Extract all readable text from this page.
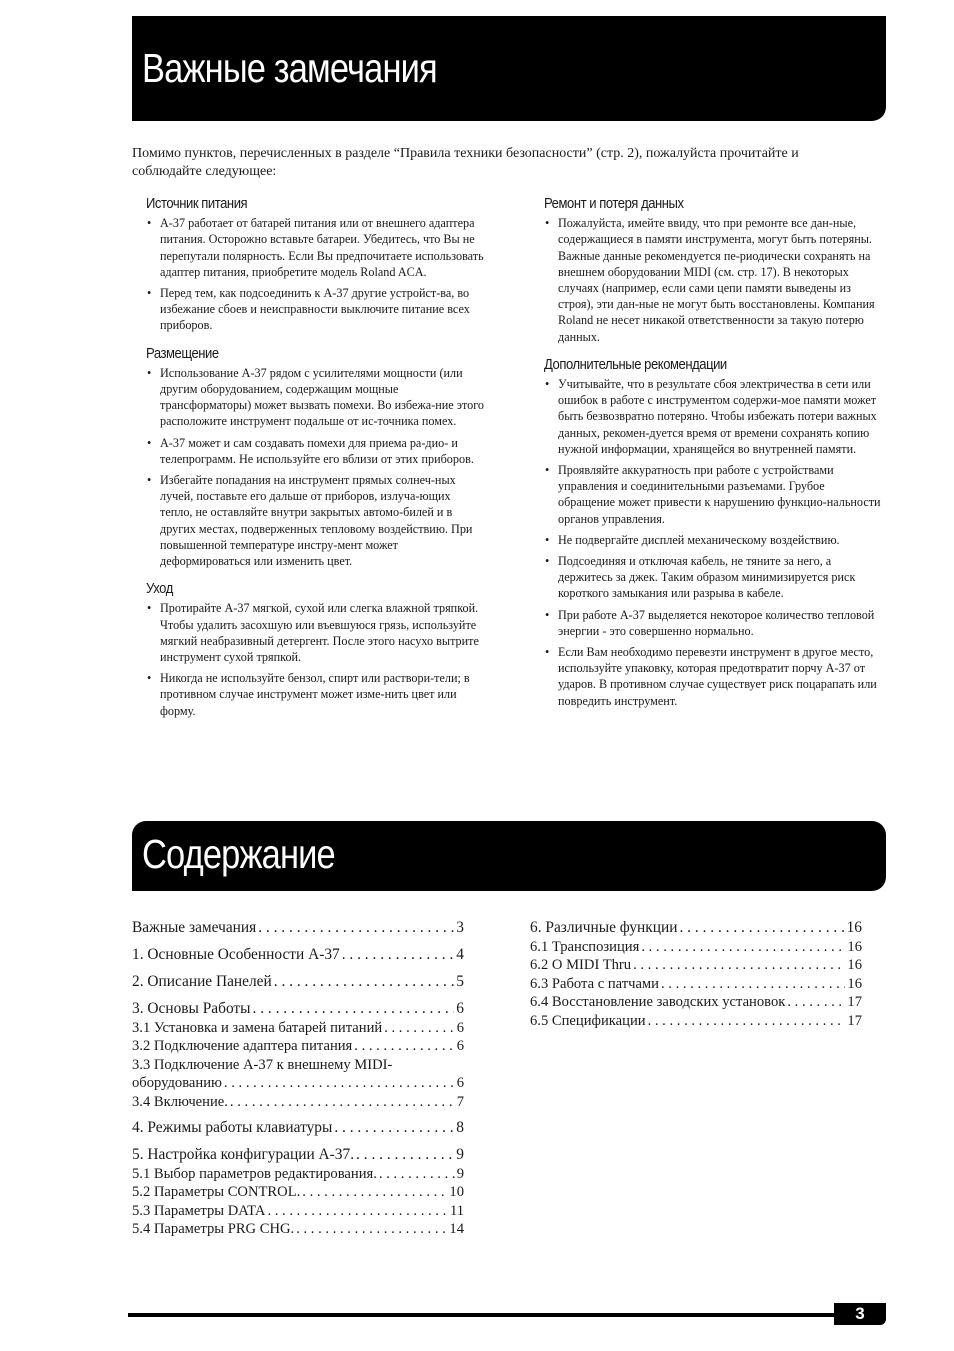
Важные замечания
Помимо пунктов, перечисленных в разделе “Правила техники безопасности” (стр. 2), пожалуйста прочитайте и соблюдайте следующее:
Источник питания
• A-37 работает от батарей питания или от внешнего адаптера питания. Осторожно вставьте батареи. Убедитесь, что Вы не перепутали полярность. Если Вы предпочитаете использовать адаптер питания, приобретите модель Roland ACA.
• Перед тем, как подсоединить к A-37 другие устройст-ва, во избежание сбоев и неисправности выключите питание всех приборов.
Размещение
• Использование A-37 рядом с усилителями мощности (или другим оборудованием, содержащим мощные трансформаторы) может вызвать помехи. Во избежа-ние этого расположите инструмент подальше от ис-точника помех.
• A-37 может и сам создавать помехи для приема ра-дио- и телепрограмм. Не используйте его вблизи от этих приборов.
• Избегайте попадания на инструмент прямых солнеч-ных лучей, поставьте его дальше от приборов, излуча-ющих тепло, не оставляйте внутри закрытых автомо-билей и в других местах, подверженных тепловому воздействию. При повышенной температуре инстру-мент может деформироваться или изменить цвет.
Уход
• Протирайте A-37 мягкой, сухой или слегка влажной тряпкой. Чтобы удалить засохшую или въевшуюся грязь, используйте мягкий неабразивный детергент. После этого насухо вытрите инструмент сухой тряпкой.
• Никогда не используйте бензол, спирт или раствори-тели; в противном случае инструмент может изме-нить цвет или форму.
Ремонт и потеря данных
• Пожалуйста, имейте ввиду, что при ремонте все дан-ные, содержащиеся в памяти инструмента, могут быть потеряны. Важные данные рекомендуется пе-риодически сохранять на внешнем оборудовании MIDI (см. стр. 17). В некоторых случаях (например, если сами цепи памяти выведены из строя), эти дан-ные не могут быть восстановлены. Компания Roland не несет никакой ответственности за такую потерю данных.
Дополнительные рекомендации
• Учитывайте, что в результате сбоя электричества в сети или ошибок в работе с инструментом содержи-мое памяти может быть безвозвратно потеряно. Чтобы избежать потери важных данных, рекомен-дуется время от времени сохранять копию нужной информации, хранящейся во внутренней памяти.
• Проявляйте аккуратность при работе с устройствами управления и соединительными разъемами. Грубое обращение может привести к нарушению функцио-нальности органов управления.
• Не подвергайте дисплей механическому воздействию.
• Подсоединяя и отключая кабель, не тяните за него, а держитесь за джек. Таким образом минимизируется риск короткого замыкания или разрыва в кабеле.
• При работе A-37 выделяется некоторое количество тепловой энергии - это совершенно нормально.
• Если Вам необходимо перевезти инструмент в другое место, используйте упаковку, которая предотвратит порчу A-37 от ударов. В противном случае существует риск поцарапать или повредить инструмент.
Содержание
Важные замечания . . .	3
1. Основные Особенности A-37 . . .	4
2. Описание Панелей . . .	5
3. Основы Работы . . .	6
3.1 Установка и замена батарей питаний . . .	6
3.2 Подключение адаптера питания . . .	6
3.3 Подключение A-37 к внешнему MIDI-
оборудованию . . .	6
3.4 Включение. . . .	7
4. Режимы работы клавиатуры . . .	8
5. Настройка конфигурации A-37. . . .	9
5.1 Выбор параметров редактирования. . . .	9
5.2 Параметры CONTROL. . . .	10
5.3 Параметры DATA . . .	11
5.4 Параметры PRG CHG. . . .	14
6. Различные функции . . .	16
6.1 Транспозиция . . .	16
6.2 O MIDI Thru . . .	16
6.3 Работа с патчами . . .	16
6.4 Восстановление заводских установок . . .	17
6.5 Спецификации . . .	17
3
